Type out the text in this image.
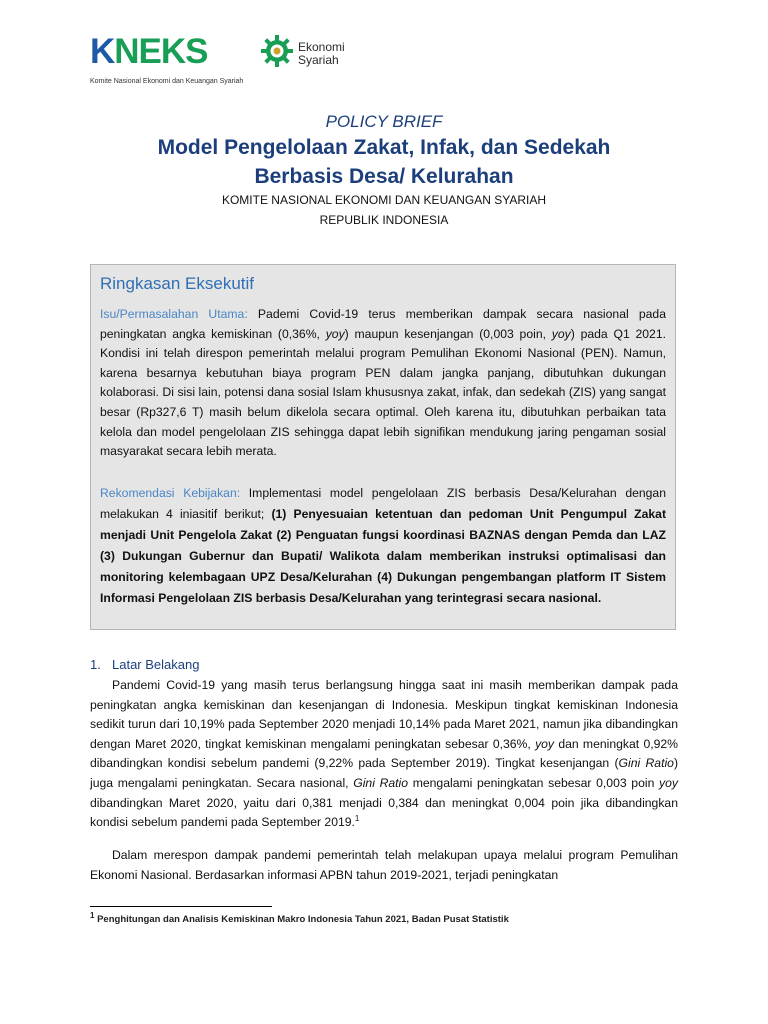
KNEKS	Ekonomi
Syariah
Komite Nasional Ekonomi dan Keuangan Syariah
POLICY BRIEF
Model Pengelolaan Zakat, Infak, dan Sedekah
Berbasis Desa/ Kelurahan
KOMITE NASIONAL EKONOMI DAN KEUANGAN SYARIAH
REPUBLIK INDONESIA
Ringkasan Eksekutif
Isu/Permasalahan Utama: Pademi Covid-19 terus memberikan dampak secara nasional pada peningkatan angka kemiskinan (0,36%, yoy) maupun kesenjangan (0,003 poin, yoy) pada Q1 2021. Kondisi ini telah direspon pemerintah melalui program Pemulihan Ekonomi Nasional (PEN). Namun, karena besarnya kebutuhan biaya program PEN dalam jangka panjang, dibutuhkan dukungan kolaborasi. Di sisi lain, potensi dana sosial Islam khususnya zakat, infak, dan sedekah (ZIS) yang sangat besar (Rp327,6 T) masih belum dikelola secara optimal. Oleh karena itu, dibutuhkan perbaikan tata kelola dan model pengelolaan ZIS sehingga dapat lebih signifikan mendukung jaring pengaman sosial masyarakat secara lebih merata.
Rekomendasi Kebijakan: Implementasi model pengelolaan ZIS berbasis Desa/Kelurahan dengan melakukan 4 iniasitif berikut; (1) Penyesuaian ketentuan dan pedoman Unit Pengumpul Zakat menjadi Unit Pengelola Zakat (2) Penguatan fungsi koordinasi BAZNAS dengan Pemda dan LAZ (3) Dukungan Gubernur dan Bupati/ Walikota dalam memberikan instruksi optimalisasi dan monitoring kelembagaan UPZ Desa/Kelurahan (4) Dukungan pengembangan platform IT Sistem Informasi Pengelolaan ZIS berbasis Desa/Kelurahan yang terintegrasi secara nasional.
1. Latar Belakang
Pandemi Covid-19 yang masih terus berlangsung hingga saat ini masih memberikan dampak pada peningkatan angka kemiskinan dan kesenjangan di Indonesia. Meskipun tingkat kemiskinan Indonesia sedikit turun dari 10,19% pada September 2020 menjadi 10,14% pada Maret 2021, namun jika dibandingkan dengan Maret 2020, tingkat kemiskinan mengalami peningkatan sebesar 0,36%, yoy dan meningkat 0,92% dibandingkan kondisi sebelum pandemi (9,22% pada September 2019). Tingkat kesenjangan (Gini Ratio) juga mengalami peningkatan. Secara nasional, Gini Ratio mengalami peningkatan sebesar 0,003 poin yoy dibandingkan Maret 2020, yaitu dari 0,381 menjadi 0,384 dan meningkat 0,004 poin jika dibandingkan kondisi sebelum pandemi pada September 2019.$^1$
Dalam merespon dampak pandemi pemerintah telah melakupan upaya melalui program Pemulihan Ekonomi Nasional. Berdasarkan informasi APBN tahun 2019-2021, terjadi peningkatan
$^1$ Penghitungan dan Analisis Kemiskinan Makro Indonesia Tahun 2021, Badan Pusat Statistik
